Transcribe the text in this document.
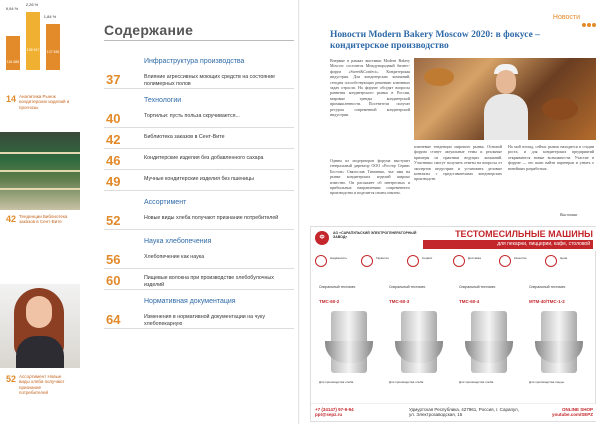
9,94 %
2,26 %
1,84 %
116 688
135 917 137 536
14 Аналитика Рынок кондитерских изделий и прогнозы
42 Тенденции Библиотека заказов в Сент-Вите
52 Ассортимент Новые виды хлеба получают признание потребителей
Содержание
Инфраструктура производства
37	Влияние агрессивных моющих средств на состояние полимерных полов
Технологии
40	Тортильи: пусть польза скручивается...
42	Библиотека заказов в Сент-Вите
46	Кондитерские изделия без добавленного сахара
49	Мучные кондитерские изделия без пшеницы
Ассортимент
52	Новые виды хлеба получают признание потребителей
Наука хлебопечения
56	Хлебопечение как наука
60	Пищевые волокна при производстве хлебобулочных изделий
Нормативная документация
64	Изменения в нормативной документации на чуку хлебопекарную
Новости
Новости Modern Bakery Moscow 2020: в фокусе – кондитерское производство
Впервые в рамках выставки Modern Bakery Moscow состоится Международный бизнес-форум «Sweet&Confect». Кондитерская индустрия. Для кондитерских компаний, сегодня способствующих решению ключевых задач отрасли. На форуме обсудят вопросы развития кондитерского рынка в России, мировые тренды кондитерской промышленности. Посетители получат ресурсы современной кондитерской индустрии.
Одним из модераторов форума выступит генеральный директор ООО «Ростер Сервис Бостон» Святослав Тимченко, чье имя на рынке кондитерских изделий широко известно. Он расскажет об интересных и прибыльных направлениях современного производства и поделится своим опытом.
ключевые тенденции мирового рынка. Основой форума станут актуальные темы и реальные примеры из практики ведущих компаний. Участники смогут получить ответы на вопросы от экспертов индустрии и установить деловые контакты с представителями кондитерских производств.
На мой взгляд, сейчас рынок находится в стадии роста, и для кондитерских предприятий открываются новые возможности. Участие в форуме — это шанс найти партнеров и узнать о новейших разработках.
Выставка
Ф
АО «САРАПУЛЬСКИЙ ЭЛЕКТРОГЕНЕРАТОРНЫЙ ЗАВОД»	ТЕСТОМЕСИЛЬНЫЕ МАШИНЫ
для пекарни, пиццерии, кафе, столовой
Надёжность	Гарантия	Сервис	Доставка	Качество	Цена
Спиральный тестомес
ТМС-60-2
Для производства хлеба
Спиральный тестомес
ТМС-60-3
Для производства хлеба
Спиральный тестомес
ТМС-60-4
Для производства хлеба
Спиральный тестомес
МТМ-40/ТМС-1-2
Для производства пиццы
+7 (34147) 97-9-94
ppt@sepz.ru
Удмуртская Республика, 427961, Россия, г. Сарапул, ул. Электрозаводская, 15
ONLINE SHOP
youtube.com/SEPZ
